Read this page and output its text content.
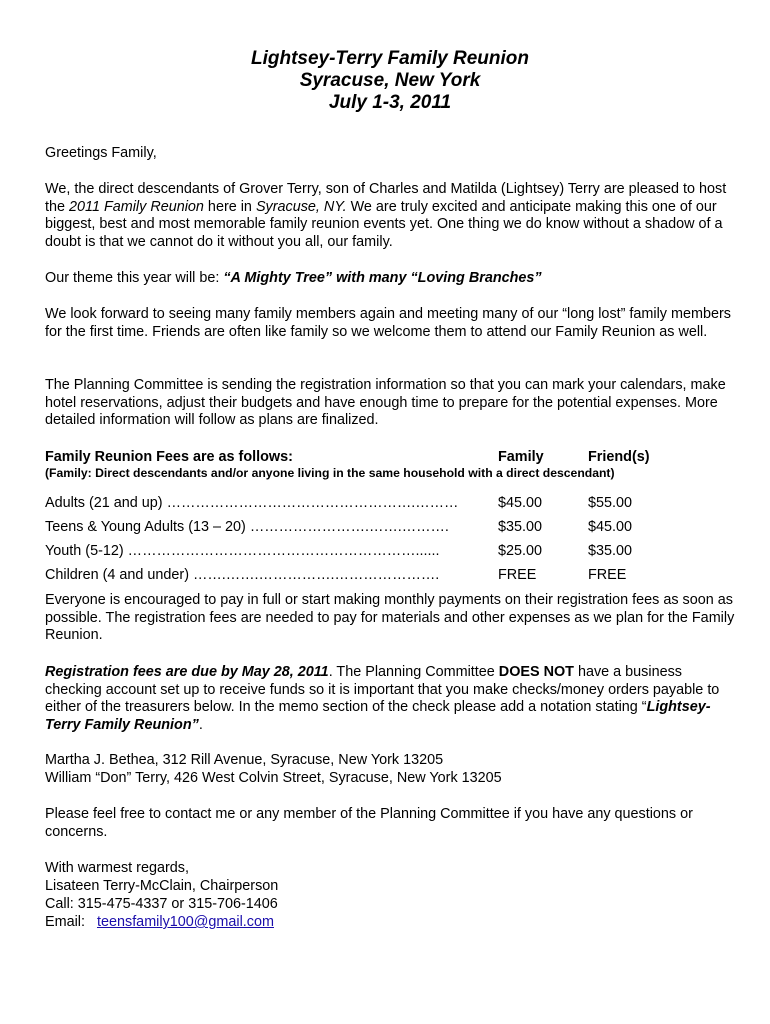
Lightsey-Terry Family Reunion

Syracuse, New York

July 1-3, 2011

Greetings Family,

We, the direct descendants of Grover Terry, son of Charles and Matilda (Lightsey) Terry are pleased to host the 2011 Family Reunion here in Syracuse, NY. We are truly excited and anticipate making this one of our biggest, best and most memorable family reunion events yet. One thing we do know without a shadow of a doubt is that we cannot do it without you all, our family.

Our theme this year will be: “A Mighty Tree” with many “Loving Branches”

We look forward to seeing many family members again and meeting many of our “long lost” family members for the first time. Friends are often like family so we welcome them to attend our Family Reunion as well.

The Planning Committee is sending the registration information so that you can mark your calendars, make hotel reservations, adjust their budgets and have enough time to prepare for the potential expenses. More detailed information will follow as plans are finalized.

Family Reunion Fees are as follows:	Family	Friend(s)

(Family: Direct descendants and/or anyone living in the same household with a direct descendant)

Adults (21 and up) …………………………………………….………	$45.00	$55.00
Teens & Young Adults (13 – 20) …………………….…….……….	$35.00	$45.00
Youth (5-12) ……………………………………………………......	$25.00	$35.00
Children (4 and under) …….…….…………….………………….	FREE	FREE

Everyone is encouraged to pay in full or start making monthly payments on their registration fees as soon as possible. The registration fees are needed to pay for materials and other expenses as we plan for the Family Reunion.

Registration fees are due by May 28, 2011. The Planning Committee DOES NOT have a business checking account set up to receive funds so it is important that you make checks/money orders payable to either of the treasurers below. In the memo section of the check please add a notation stating “Lightsey-Terry Family Reunion”.

Martha J. Bethea, 312 Rill Avenue, Syracuse, New York 13205

William “Don” Terry, 426 West Colvin Street, Syracuse, New York 13205

Please feel free to contact me or any member of the Planning Committee if you have any questions or concerns.

With warmest regards,

Lisateen Terry-McClain, Chairperson

Call: 315-475-4337 or 315-706-1406

Email:   teensfamily100@gmail.com
